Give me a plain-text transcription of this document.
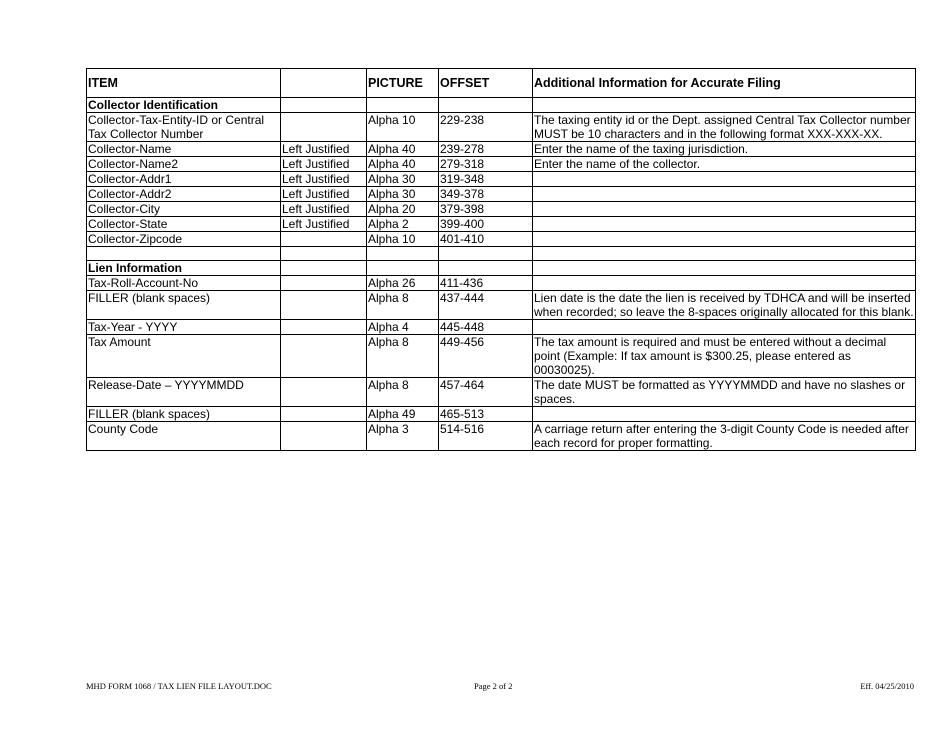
ITEM		PICTURE	OFFSET	Additional Information for Accurate Filing
Collector Identification				
Collector-Tax-Entity-ID or Central Tax Collector Number		Alpha 10	229-238	The taxing entity id or the Dept. assigned Central Tax Collector number MUST be 10 characters and in the following format XXX-XXX-XX.
Collector-Name	Left Justified	Alpha 40	239-278	Enter the name of the taxing jurisdiction.
Collector-Name2	Left Justified	Alpha 40	279-318	Enter the name of the collector.
Collector-Addr1	Left Justified	Alpha 30	319-348	
Collector-Addr2	Left Justified	Alpha 30	349-378	
Collector-City	Left Justified	Alpha 20	379-398	
Collector-State	Left Justified	Alpha 2	399-400	
Collector-Zipcode		Alpha 10	401-410	

Lien Information				
Tax-Roll-Account-No		Alpha 26	411-436	
FILLER (blank spaces)		Alpha 8	437-444	Lien date is the date the lien is received by TDHCA and will be inserted when recorded; so leave the 8-spaces originally allocated for this blank.
Tax-Year - YYYY		Alpha 4	445-448	
Tax Amount		Alpha 8	449-456	The tax amount is required and must be entered without a decimal point (Example: If tax amount is $300.25, please entered as 00030025).
Release-Date – YYYYMMDD		Alpha 8	457-464	The date MUST be formatted as YYYYMMDD and have no slashes or spaces.
FILLER (blank spaces)		Alpha 49	465-513	
County Code		Alpha 3	514-516	A carriage return after entering the 3-digit County Code is needed after each record for proper formatting.
MHD FORM 1068 / TAX LIEN FILE LAYOUT.DOC	Page 2 of 2	Eff. 04/25/2010
